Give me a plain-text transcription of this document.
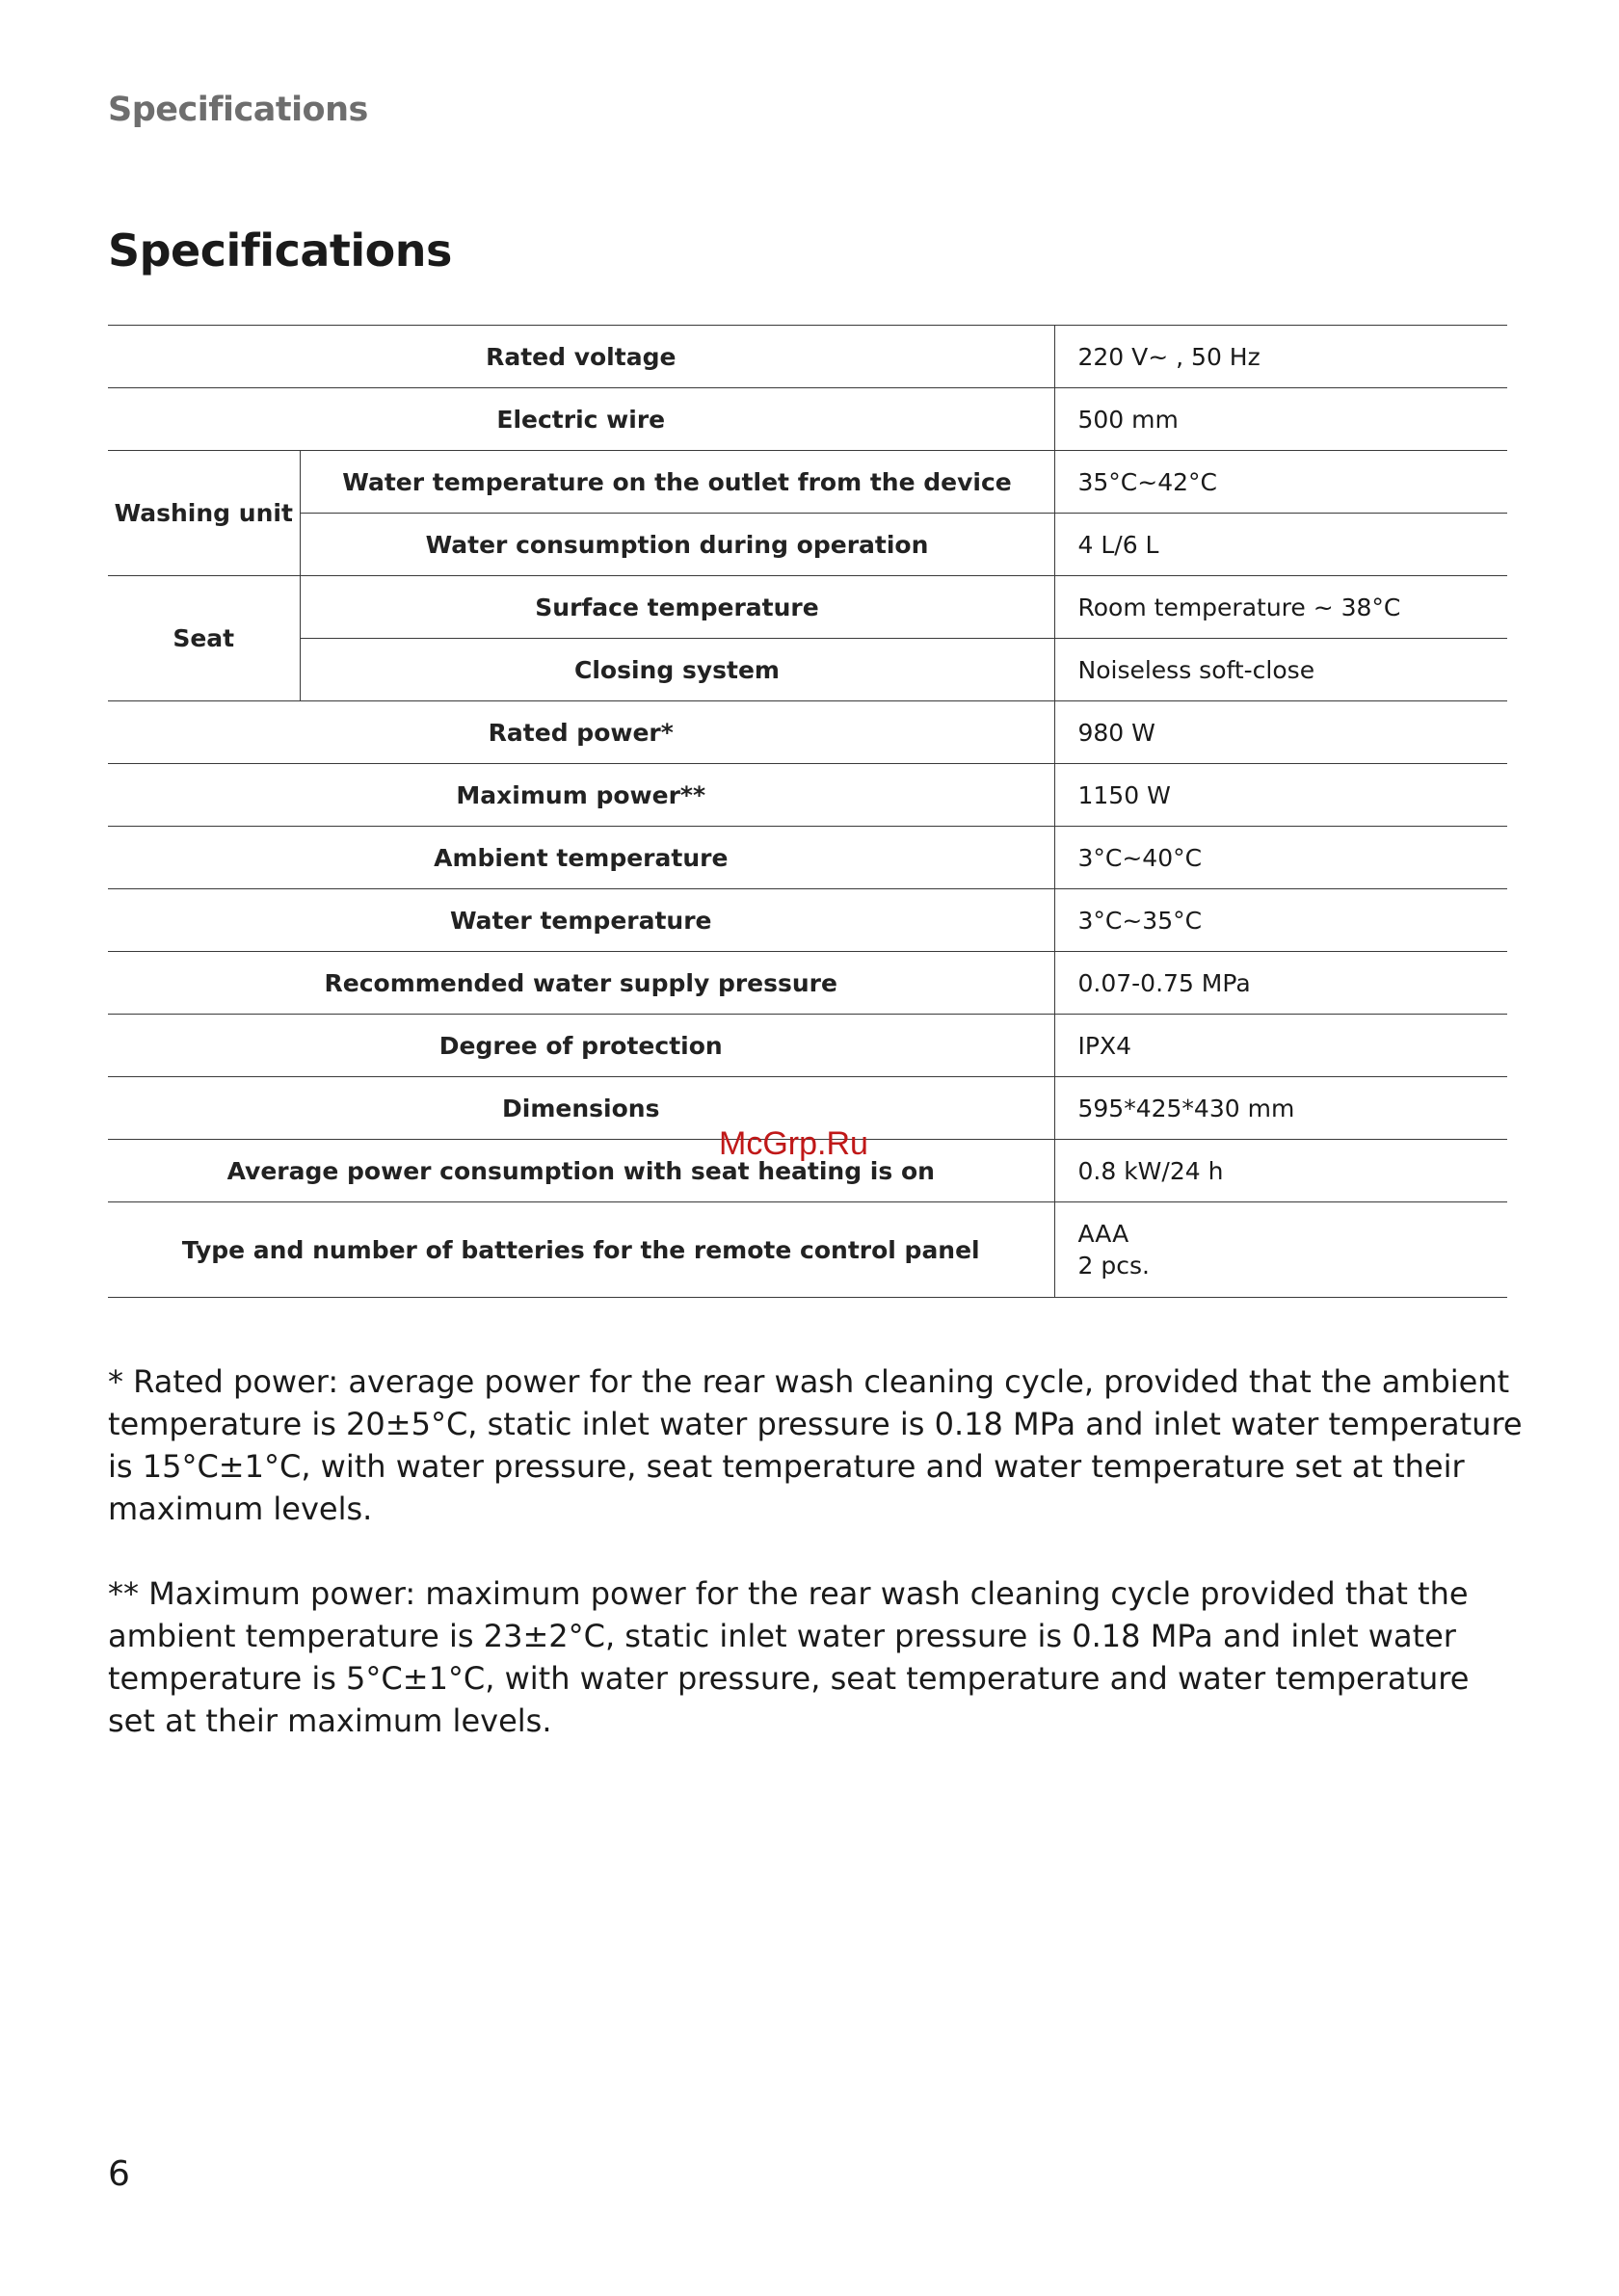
Specifications
Specifications
Rated voltage		220 V~ , 50 Hz
Electric wire		500 mm
Washing unit	Water temperature on the outlet from the device	35°C~42°C
	Water consumption during operation	4 L/6 L
Seat	Surface temperature	Room temperature ~ 38°C
	Closing system	Noiseless soft-close
Rated power*		980 W
Maximum power**		1150 W
Ambient temperature		3°C~40°C
Water temperature		3°C~35°C
Recommended water supply pressure		0.07-0.75 MPa
Degree of protection		IPX4
Dimensions		595*425*430 mm
Average power consumption with seat heating is on		0.8 kW/24 h
Type and number of batteries for the remote control panel		AAA
2 pcs.
McGrp.Ru

* Rated power: average power for the rear wash cleaning cycle, provided that the ambient temperature is 20±5°C, static inlet water pressure is 0.18 MPa and inlet water temperature is 15°C±1°C, with water pressure, seat temperature and water temperature set at their maximum levels.

** Maximum power: maximum power for the rear wash cleaning cycle provided that the ambient temperature is 23±2°C, static inlet water pressure is 0.18 MPa and inlet water temperature is 5°C±1°C, with water pressure, seat temperature and water temperature set at their maximum levels.

6
